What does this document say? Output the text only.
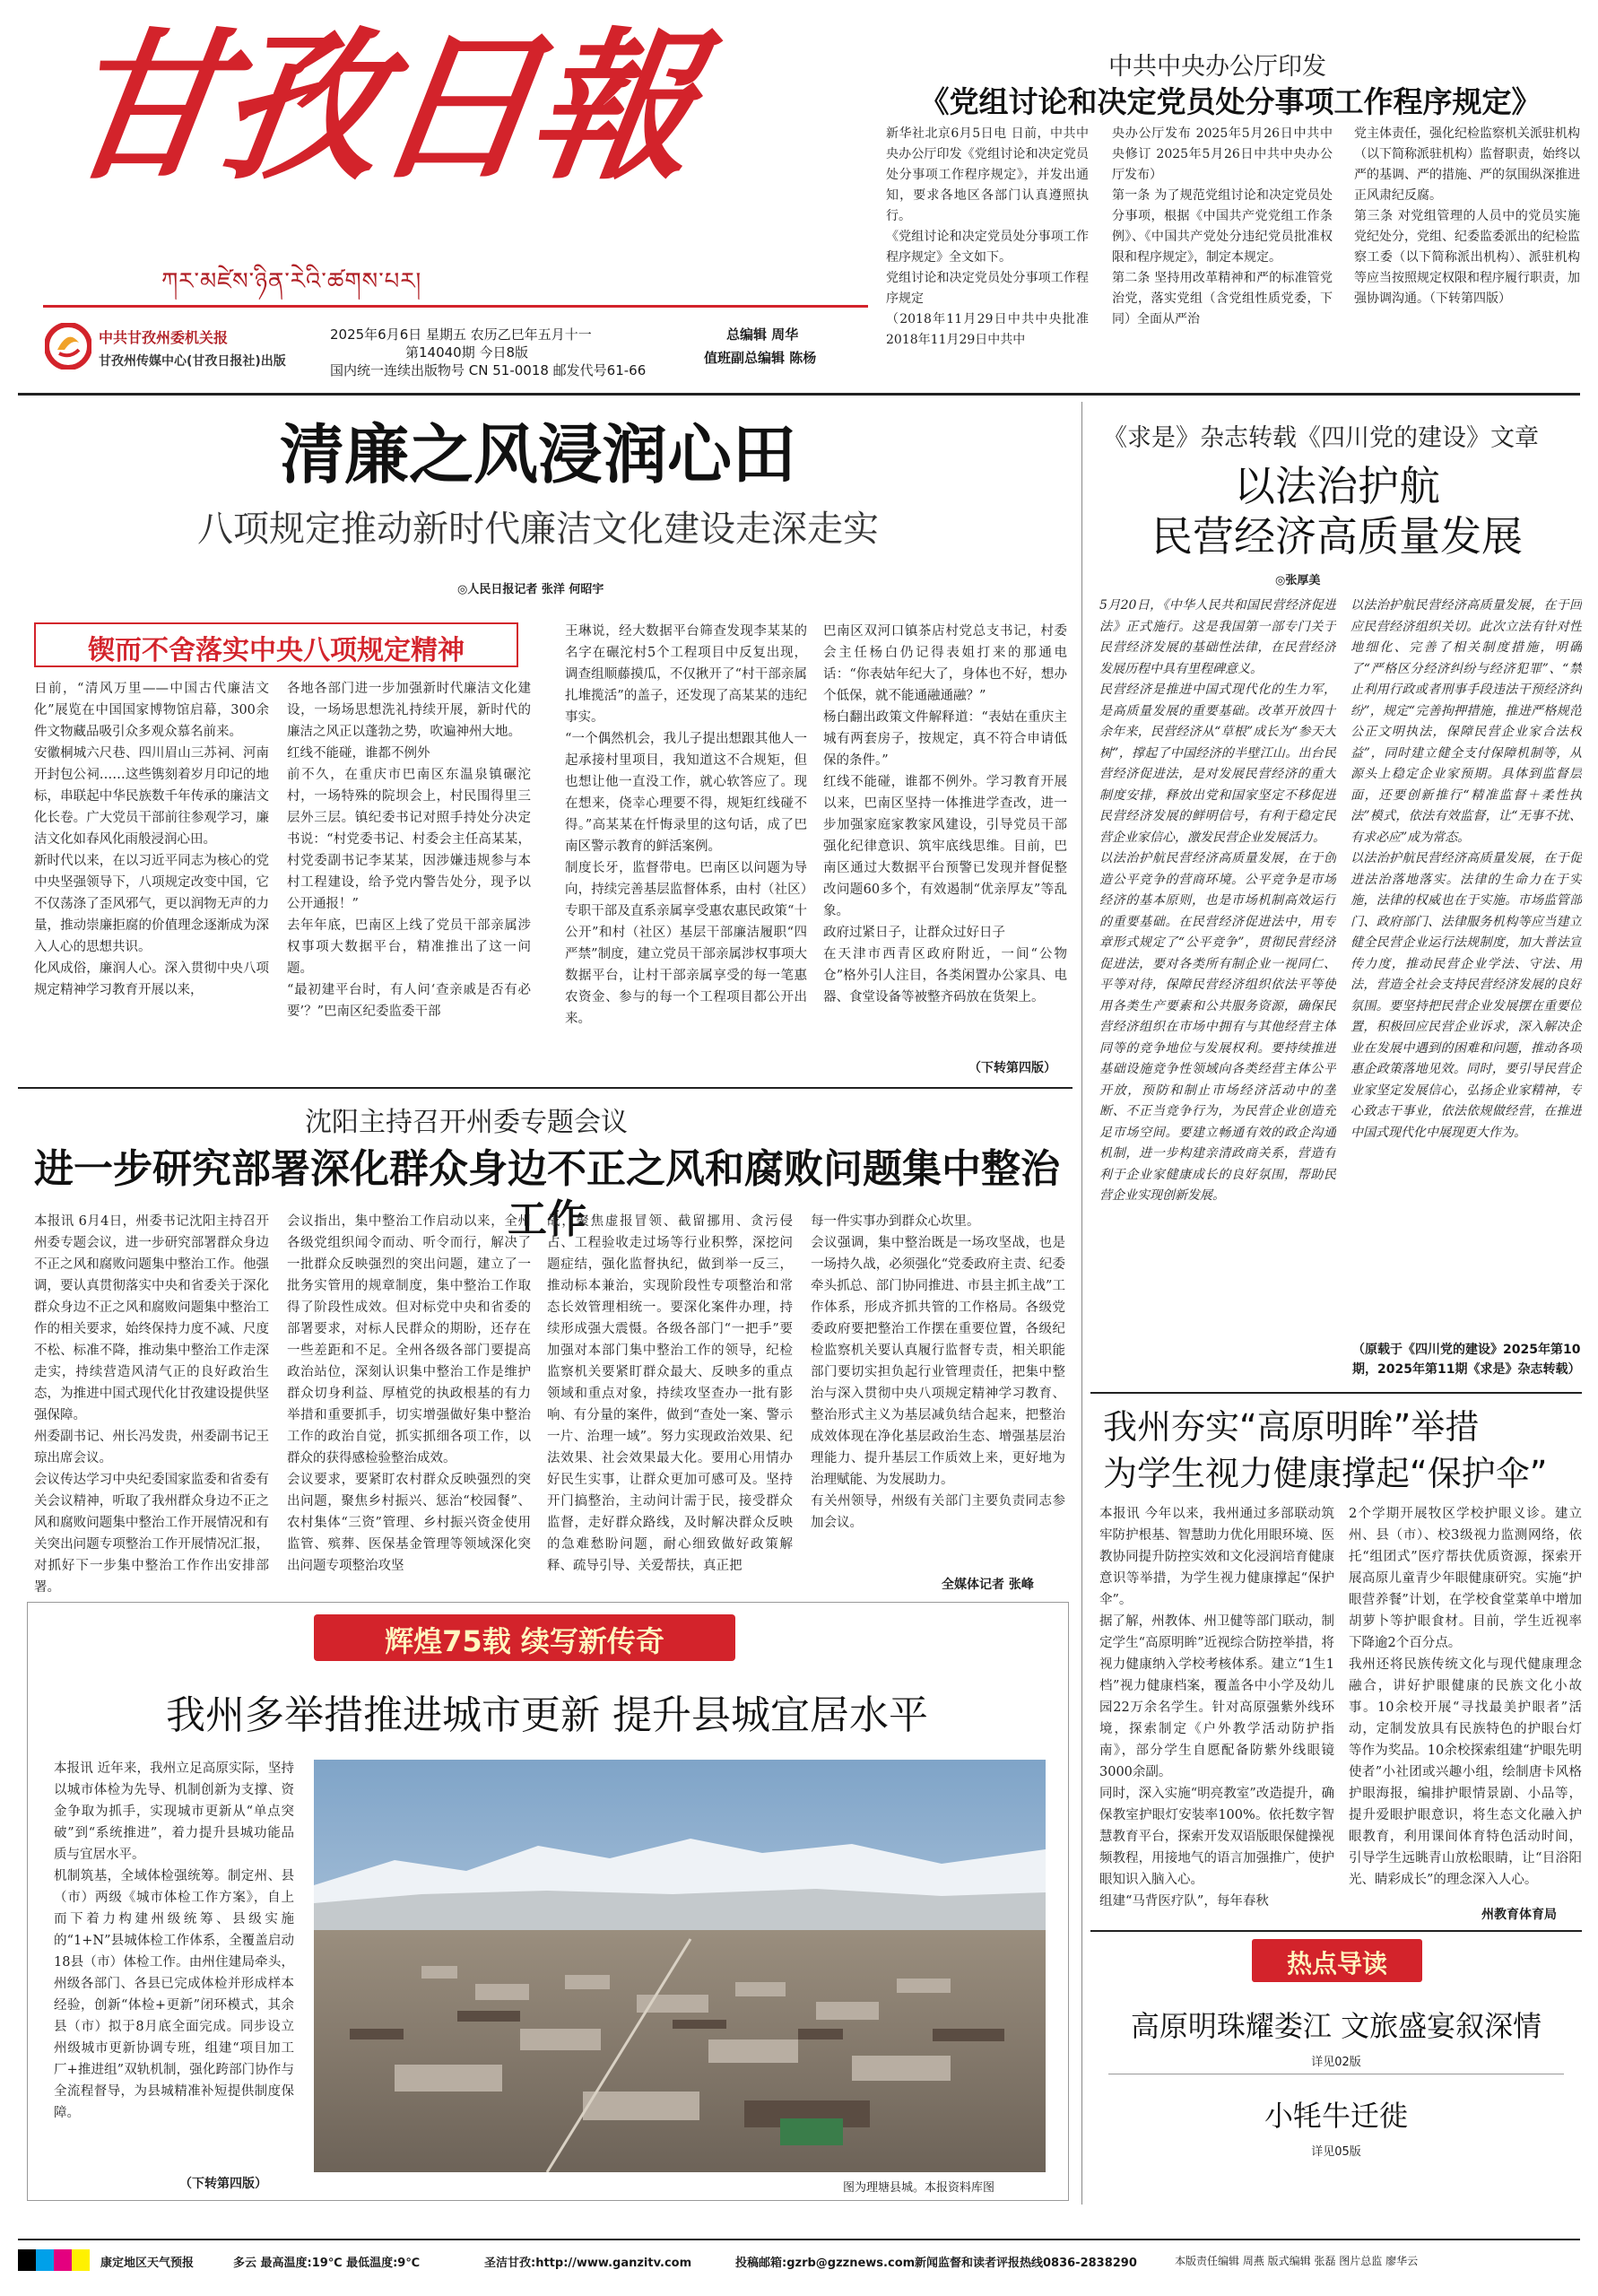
甘孜日報
ཀར་མཛེས་ཉིན་རེའི་ཚགས་པར།
中共甘孜州委机关报
甘孜州传媒中心(甘孜日报社)出版
2025年6月6日 星期五 农历乙巳年五月十一
第14040期 今日8版
国内统一连续出版物号 CN 51-0018 邮发代号61-66
总编辑 周华
值班副总编辑 陈杨
中共中央办公厅印发
《党组讨论和决定党员处分事项工作程序规定》
新华社北京6月5日电 日前，中共中央办公厅印发《党组讨论和决定党员处分事项工作程序规定》，并发出通知，要求各地区各部门认真遵照执行。
《党组讨论和决定党员处分事项工作程序规定》全文如下。
党组讨论和决定党员处分事项工作程序规定
（2018年11月29日中共中央批准 2018年11月29日中共中
央办公厅发布 2025年5月26日中共中央修订 2025年5月26日中共中央办公厅发布）
第一条 为了规范党组讨论和决定党员处分事项，根据《中国共产党党组工作条例》、《中国共产党处分违纪党员批准权限和程序规定》，制定本规定。
第二条 坚持用改革精神和严的标准管党治党，落实党组（含党组性质党委，下同）全面从严治
党主体责任，强化纪检监察机关派驻机构（以下简称派驻机构）监督职责，始终以严的基调、严的措施、严的氛围纵深推进正风肃纪反腐。
第三条 对党组管理的人员中的党员实施党纪处分，党组、纪委监委派出的纪检监察工委（以下简称派出机构）、派驻机构等应当按照规定权限和程序履行职责，加强协调沟通。（下转第四版）
清廉之风浸润心田
八项规定推动新时代廉洁文化建设走深走实
◎人民日报记者 张洋 何昭宇
锲而不舍落实中央八项规定精神
日前，“清风万里——中国古代廉洁文化”展览在中国国家博物馆启幕，300余件文物藏品吸引众多观众慕名前来。
安徽桐城六尺巷、四川眉山三苏祠、河南开封包公祠……这些镌刻着岁月印记的地标，串联起中华民族数千年传承的廉洁文化长卷。广大党员干部前往参观学习，廉洁文化如春风化雨般浸润心田。
新时代以来，在以习近平同志为核心的党中央坚强领导下，八项规定改变中国，它不仅荡涤了歪风邪气，更以润物无声的力量，推动崇廉拒腐的价值理念逐渐成为深入人心的思想共识。
化风成俗，廉润人心。深入贯彻中央八项规定精神学习教育开展以来，
各地各部门进一步加强新时代廉洁文化建设，一场场思想洗礼持续开展，新时代的廉洁之风正以蓬勃之势，吹遍神州大地。
红线不能碰，谁都不例外
前不久，在重庆市巴南区东温泉镇碾沱村，一场特殊的院坝会上，村民围得里三层外三层。镇纪委书记对照手持处分决定书说：“村党委书记、村委会主任高某某，村党委副书记李某某，因涉嫌违规参与本村工程建设，给予党内警告处分，现予以公开通报！”
去年年底，巴南区上线了党员干部亲属涉权事项大数据平台，精准推出了这一问题。
“最初建平台时，有人问‘查亲戚是否有必要’？”巴南区纪委监委干部
王琳说，经大数据平台筛查发现李某某的名字在碾沱村5个工程项目中反复出现，调查组顺藤摸瓜，不仅揪开了“村干部亲属扎堆揽活”的盖子，还发现了高某某的违纪事实。
“一个偶然机会，我儿子提出想跟其他人一起承接村里项目，我知道这不合规矩，但也想让他一直没工作，就心软答应了。现在想来，侥幸心理要不得，规矩红线碰不得。”高某某在忏悔录里的这句话，成了巴南区警示教育的鲜活案例。
制度长牙，监督带电。巴南区以问题为导向，持续完善基层监督体系，由村（社区）专职干部及直系亲属享受惠农惠民政策“十公开”和村（社区）基层干部廉洁履职“四严禁”制度，建立党员干部亲属涉权事项大数据平台，让村干部亲属享受的每一笔惠农资金、参与的每一个工程项目都公开出来。
巴南区双河口镇茶店村党总支书记，村委会主任杨白仍记得表姐打来的那通电话：“你表姑年纪大了，身体也不好，想办个低保，就不能通融通融？”
杨白翻出政策文件解释道：“表姑在重庆主城有两套房子，按规定，真不符合申请低保的条件。”
红线不能碰，谁都不例外。学习教育开展以来，巴南区坚持一体推进学查改，进一步加强家庭家教家风建设，引导党员干部强化纪律意识、筑牢底线思维。目前，巴南区通过大数据平台预警已发现并督促整改问题60多个，有效遏制“优亲厚友”等乱象。
政府过紧日子，让群众过好日子
在天津市西青区政府附近，一间“公物仓”格外引人注目，各类闲置办公家具、电器、食堂设备等被整齐码放在货架上。
（下转第四版）
沈阳主持召开州委专题会议
进一步研究部署深化群众身边不正之风和腐败问题集中整治工作
本报讯 6月4日，州委书记沈阳主持召开州委专题会议，进一步研究部署群众身边不正之风和腐败问题集中整治工作。他强调，要认真贯彻落实中央和省委关于深化群众身边不正之风和腐败问题集中整治工作的相关要求，始终保持力度不减、尺度不松、标准不降，推动集中整治工作走深走实，持续营造风清气正的良好政治生态，为推进中国式现代化甘孜建设提供坚强保障。
州委副书记、州长冯发贵，州委副书记王琼出席会议。
会议传达学习中央纪委国家监委和省委有关会议精神，听取了我州群众身边不正之风和腐败问题集中整治工作开展情况和有关突出问题专项整治工作开展情况汇报，对抓好下一步集中整治工作作出安排部署。
会议指出，集中整治工作启动以来，全州各级党组织闻令而动、听令而行，解决了一批群众反映强烈的突出问题，建立了一批务实管用的规章制度，集中整治工作取得了阶段性成效。但对标党中央和省委的部署要求，对标人民群众的期盼，还存在一些差距和不足。全州各级各部门要提高政治站位，深刻认识集中整治工作是维护群众切身利益、厚植党的执政根基的有力举措和重要抓手，切实增强做好集中整治工作的政治自觉，抓实抓细各项工作，以群众的获得感检验整治成效。
会议要求，要紧盯农村群众反映强烈的突出问题，聚焦乡村振兴、惩治“校园餐”、农村集体“三资”管理、乡村振兴资金使用监管、殡葬、医保基金管理等领域深化突出问题专项整治攻坚
战，聚焦虚报冒领、截留挪用、贪污侵占、工程验收走过场等行业积弊，深挖问题症结，强化监督执纪，做到举一反三，推动标本兼治，实现阶段性专项整治和常态长效管理相统一。要深化案件办理，持续形成强大震慑。各级各部门“一把手”要加强对本部门集中整治工作的领导，纪检监察机关要紧盯群众最大、反映多的重点领域和重点对象，持续攻坚查办一批有影响、有分量的案件，做到“查处一案、警示一片、治理一域”。努力实现政治效果、纪法效果、社会效果最大化。要用心用情办好民生实事，让群众更加可感可及。坚持开门搞整治，主动问计需于民，接受群众监督，走好群众路线，及时解决群众反映的急难愁盼问题，耐心细致做好政策解释、疏导引导、关爱帮扶，真正把
每一件实事办到群众心坎里。
会议强调，集中整治既是一场攻坚战，也是一场持久战，必须强化“党委政府主责、纪委牵头抓总、部门协同推进、市县主抓主战”工作体系，形成齐抓共管的工作格局。各级党委政府要把整治工作摆在重要位置，各级纪检监察机关要认真履行监督专责，相关职能部门要切实担负起行业管理责任，把集中整治与深入贯彻中央八项规定精神学习教育、整治形式主义为基层减负结合起来，把整治成效体现在净化基层政治生态、增强基层治理能力、提升基层工作质效上来，更好地为治理赋能、为发展助力。
有关州领导，州级有关部门主要负责同志参加会议。
全媒体记者 张峰
辉煌75载 续写新传奇
我州多举措推进城市更新 提升县城宜居水平
本报讯 近年来，我州立足高原实际，坚持以城市体检为先导、机制创新为支撑、资金争取为抓手，实现城市更新从“单点突破”到“系统推进”，着力提升县城功能品质与宜居水平。
机制筑基，全域体检强统筹。制定州、县（市）两级《城市体检工作方案》，自上而下着力构建州级统筹、县级实施的“1+N”县城体检工作体系，全覆盖启动18县（市）体检工作。由州住建局牵头，州级各部门、各县已完成体检并形成样本经验，创新“体检+更新”闭环模式，其余县（市）拟于8月底全面完成。同步设立州级城市更新协调专班，组建“项目加工厂+推进组”双轨机制，强化跨部门协作与全流程督导，为县城精准补短提供制度保障。
（下转第四版）	图为理塘县城。本报资料库图
《求是》杂志转载《四川党的建设》文章
以法治护航
民营经济高质量发展
◎张厚美
5月20日，《中华人民共和国民营经济促进法》正式施行。这是我国第一部专门关于民营经济发展的基础性法律，在民营经济发展历程中具有里程碑意义。
民营经济是推进中国式现代化的生力军，是高质量发展的重要基础。改革开放四十余年来，民营经济从“草根”成长为“参天大树”，撑起了中国经济的半壁江山。出台民营经济促进法，是对发展民营经济的重大制度安排，释放出党和国家坚定不移促进民营经济发展的鲜明信号，有利于稳定民营企业家信心，激发民营企业发展活力。
以法治护航民营经济高质量发展，在于创造公平竞争的营商环境。公平竞争是市场经济的基本原则，也是市场机制高效运行的重要基础。在民营经济促进法中，用专章形式规定了“公平竞争”，贯彻民营经济促进法，要对各类所有制企业一视同仁、平等对待，保障民营经济组织依法平等使用各类生产要素和公共服务资源，确保民营经济组织在市场中拥有与其他经营主体同等的竞争地位与发展权利。要持续推进基础设施竞争性领域向各类经营主体公平开放，预防和制止市场经济活动中的垄断、不正当竞争行为，为民营企业创造充足市场空间。要建立畅通有效的政企沟通机制，进一步构建亲清政商关系，营造有利于企业家健康成长的良好氛围，帮助民营企业实现创新发展。
以法治护航民营经济高质量发展，在于回应民营经济组织关切。此次立法有针对性地细化、完善了相关制度措施，明确了“严格区分经济纠纷与经济犯罪”、“禁止利用行政或者刑事手段违法干预经济纠纷”，规定“完善拘押措施，推进严格规范公正文明执法，保障民营企业家合法权益”，同时建立健全支付保障机制等，从源头上稳定企业家预期。具体到监督层面，还要创新推行“精准监督＋柔性执法”模式，依法有效监督，让“无事不扰、有求必应”成为常态。
以法治护航民营经济高质量发展，在于促进法治落地落实。法律的生命力在于实施，法律的权威也在于实施。市场监管部门、政府部门、法律服务机构等应当建立健全民营企业运行法规制度，加大普法宣传力度，推动民营企业学法、守法、用法，营造全社会支持民营经济发展的良好氛围。要坚持把民营企业发展摆在重要位置，积极回应民营企业诉求，深入解决企业在发展中遇到的困难和问题，推动各项惠企政策落地见效。同时，要引导民营企业家坚定发展信心，弘扬企业家精神，专心致志干事业，依法依规做经营，在推进中国式现代化中展现更大作为。
（原载于《四川党的建设》2025年第10期，2025年第11期《求是》杂志转载）
我州夯实“高原明眸”举措
为学生视力健康撑起“保护伞”
本报讯 今年以来，我州通过多部联动筑牢防护根基、智慧助力优化用眼环境、医教协同提升防控实效和文化浸润培育健康意识等举措，为学生视力健康撑起“保护伞”。
据了解，州教体、州卫健等部门联动，制定学生“高原明眸”近视综合防控举措，将视力健康纳入学校考核体系。建立“1生1档”视力健康档案，覆盖各中小学及幼儿园22万余名学生。针对高原强紫外线环境，探索制定《户外教学活动防护指南》，部分学生自愿配备防紫外线眼镜3000余副。
同时，深入实施“明亮教室”改造提升，确保教室护眼灯安装率100%。依托数字智慧教育平台，探索开发双语版眼保健操视频教程，用接地气的语言加强推广，使护眼知识入脑入心。
组建“马背医疗队”，每年春秋
2个学期开展牧区学校护眼义诊。建立州、县（市）、校3级视力监测网络，依托“组团式”医疗帮扶优质资源，探索开展高原儿童青少年眼健康研究。实施“护眼营养餐”计划，在学校食堂菜单中增加胡萝卜等护眼食材。目前，学生近视率下降逾2个百分点。
我州还将民族传统文化与现代健康理念融合，讲好护眼健康的民族文化小故事。10余校开展“寻找最美护眼者”活动，定制发放具有民族特色的护眼台灯等作为奖品。10余校探索组建“护眼先明使者”小社团或兴趣小组，绘制唐卡风格护眼海报，编排护眼情景剧、小品等，提升爱眼护眼意识，将生态文化融入护眼教育，利用课间体育特色活动时间，引导学生远眺青山放松眼睛，让“目浴阳光、睛彩成长”的理念深入人心。
州教育体育局
热点导读
高原明珠耀娄江 文旅盛宴叙深情
详见02版
小牦牛迁徙
详见05版
康定地区天气预报	多云 最高温度:19℃ 最低温度:9℃	圣洁甘孜:http://www.ganzitv.com	投稿邮箱:gzrb@gzznews.com 新闻监督和读者评报热线0836-2838290	本版责任编辑 周燕 版式编辑 张磊 图片总监 廖华云
